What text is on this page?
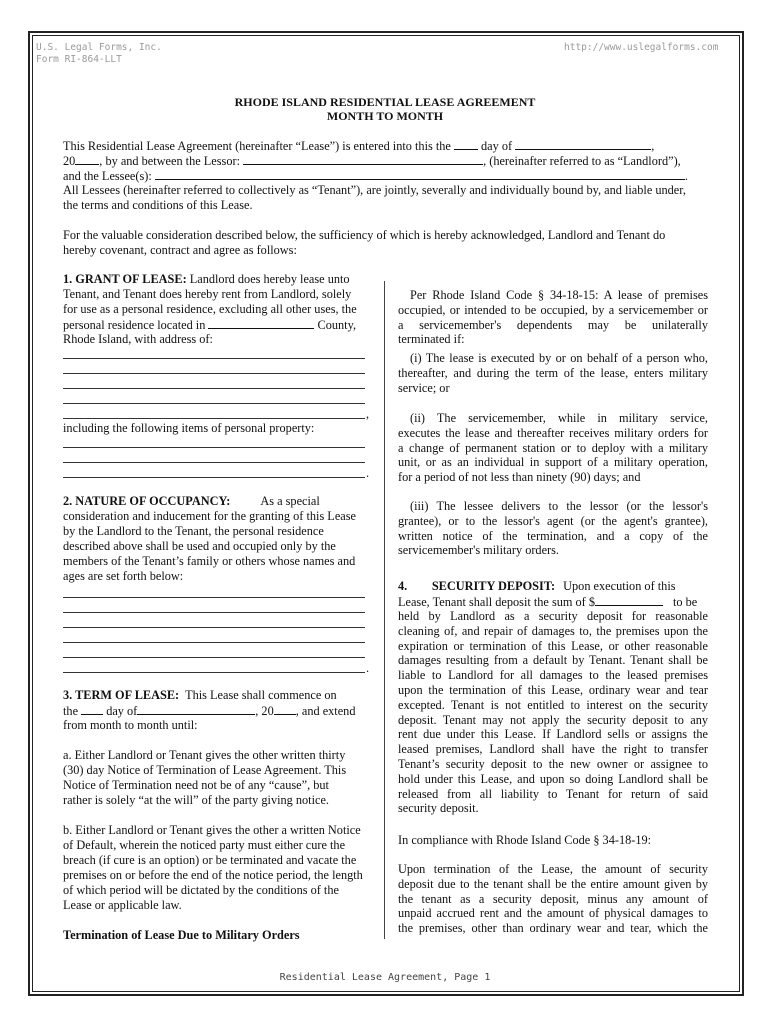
U.S. Legal Forms, Inc.
Form RI-864-LLT
http://www.uslegalforms.com
RHODE ISLAND RESIDENTIAL LEASE AGREEMENT
MONTH TO MONTH
This Residential Lease Agreement (hereinafter “Lease”) is entered into this the day of	,
20 , by and between the Lessor:	, (hereinafter referred to as “Landlord”),
and the Lessee(s):	.
All Lessees (hereinafter referred to collectively as “Tenant”), are jointly, severally and individually bound by, and liable under,
the terms and conditions of this Lease.
For the valuable consideration described below, the sufficiency of which is hereby acknowledged, Landlord and Tenant do
hereby covenant, contract and agree as follows:
1. GRANT OF LEASE: Landlord does hereby lease unto
Tenant, and Tenant does hereby rent from Landlord, solely
for use as a personal residence, excluding all other uses, the
personal residence located in	County,
Rhode Island, with address of:
,
including the following items of personal property:
.
2. NATURE OF OCCUPANCY: As a special
consideration and inducement for the granting of this Lease
by the Landlord to the Tenant, the personal residence
described above shall be used and occupied only by the
members of the Tenant’s family or others whose names and
ages are set forth below:
.
3. TERM OF LEASE: This Lease shall commence on
the day of	, 20 , and extend
from month to month until:
a. Either Landlord or Tenant gives the other written thirty
(30) day Notice of Termination of Lease Agreement. This
Notice of Termination need not be of any “cause”, but
rather is solely “at the will” of the party giving notice.
b. Either Landlord or Tenant gives the other a written Notice
of Default, wherein the noticed party must either cure the
breach (if cure is an option) or be terminated and vacate the
premises on or before the end of the notice period, the length
of which period will be dictated by the conditions of the
Lease or applicable law.
Termination of Lease Due to Military Orders
Per Rhode Island Code § 34-18-15: A lease of premises
occupied, or intended to be occupied, by a servicemember or
a servicemember's dependents may be unilaterally
terminated if:
(i) The lease is executed by or on behalf of a person who,
thereafter, and during the term of the lease, enters military
service; or
(ii) The servicemember, while in military service,
executes the lease and thereafter receives military orders for
a change of permanent station or to deploy with a military
unit, or as an individual in support of a military operation,
for a period of not less than ninety (90) days; and
(iii) The lessee delivers to the lessor (or the lessor's
grantee), or to the lessor's agent (or the agent's grantee),
written notice of the termination, and a copy of the
servicemember's military orders.
4.        SECURITY DEPOSIT: Upon execution of this
Lease, Tenant shall deposit the sum of $	to be
held by Landlord as a security deposit for reasonable
cleaning of, and repair of damages to, the premises upon the
expiration or termination of this Lease, or other reasonable
damages resulting from a default by Tenant. Tenant shall be
liable to Landlord for all damages to the leased premises
upon the termination of this Lease, ordinary wear and tear
excepted. Tenant is not entitled to interest on the security
deposit. Tenant may not apply the security deposit to any
rent due under this Lease. If Landlord sells or assigns the
leased premises, Landlord shall have the right to transfer
Tenant’s security deposit to the new owner or assignee to
hold under this Lease, and upon so doing Landlord shall be
released from all liability to Tenant for return of said
security deposit.
In compliance with Rhode Island Code § 34-18-19:
Upon termination of the Lease, the amount of security
deposit due to the tenant shall be the entire amount given by
the tenant as a security deposit, minus any amount of
unpaid accrued rent and the amount of physical damages to
the premises, other than ordinary wear and tear, which the
Residential Lease Agreement, Page 1
